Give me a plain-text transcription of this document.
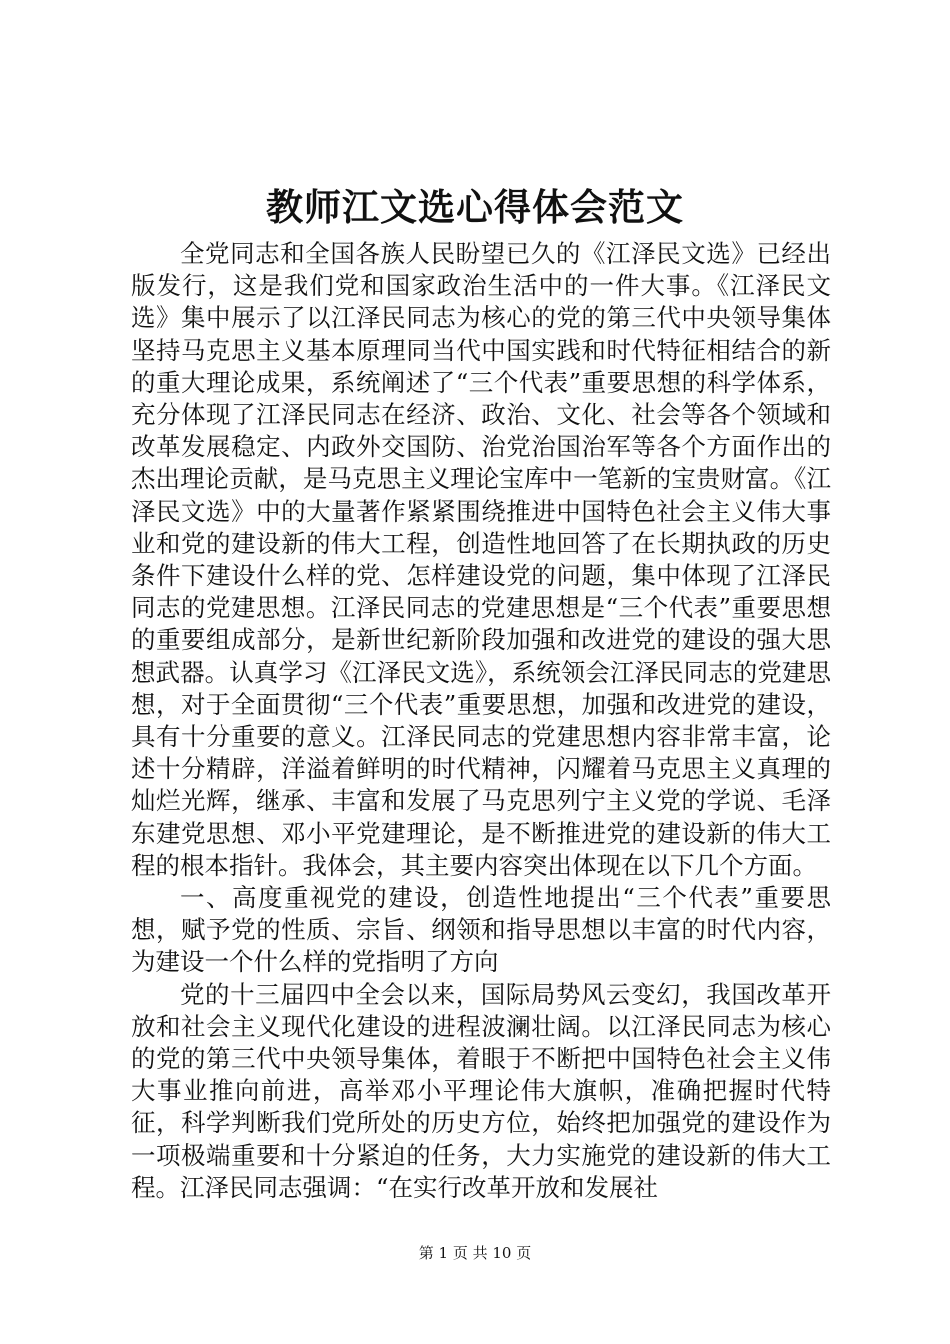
教师江文选心得体会范文

全党同志和全国各族人民盼望已久的《江泽民文选》已经出版发行，这是我们党和国家政治生活中的一件大事。《江泽民文选》集中展示了以江泽民同志为核心的党的第三代中央领导集体坚持马克思主义基本原理同当代中国实践和时代特征相结合的新的重大理论成果，系统阐述了“三个代表”重要思想的科学体系，充分体现了江泽民同志在经济、政治、文化、社会等各个领域和改革发展稳定、内政外交国防、治党治国治军等各个方面作出的杰出理论贡献，是马克思主义理论宝库中一笔新的宝贵财富。《江泽民文选》中的大量著作紧紧围绕推进中国特色社会主义伟大事业和党的建设新的伟大工程，创造性地回答了在长期执政的历史条件下建设什么样的党、怎样建设党的问题，集中体现了江泽民同志的党建思想。江泽民同志的党建思想是“三个代表”重要思想的重要组成部分，是新世纪新阶段加强和改进党的建设的强大思想武器。认真学习《江泽民文选》，系统领会江泽民同志的党建思想，对于全面贯彻“三个代表”重要思想，加强和改进党的建设，具有十分重要的意义。江泽民同志的党建思想内容非常丰富，论述十分精辟，洋溢着鲜明的时代精神，闪耀着马克思主义真理的灿烂光辉，继承、丰富和发展了马克思列宁主义党的学说、毛泽东建党思想、邓小平党建理论，是不断推进党的建设新的伟大工程的根本指针。我体会，其主要内容突出体现在以下几个方面。

一、高度重视党的建设，创造性地提出“三个代表”重要思想，赋予党的性质、宗旨、纲领和指导思想以丰富的时代内容，为建设一个什么样的党指明了方向

党的十三届四中全会以来，国际局势风云变幻，我国改革开放和社会主义现代化建设的进程波澜壮阔。以江泽民同志为核心的党的第三代中央领导集体，着眼于不断把中国特色社会主义伟大事业推向前进，高举邓小平理论伟大旗帜，准确把握时代特征，科学判断我们党所处的历史方位，始终把加强党的建设作为一项极端重要和十分紧迫的任务，大力实施党的建设新的伟大工程。江泽民同志强调：“在实行改革开放和发展社

第 1 页 共 10 页
